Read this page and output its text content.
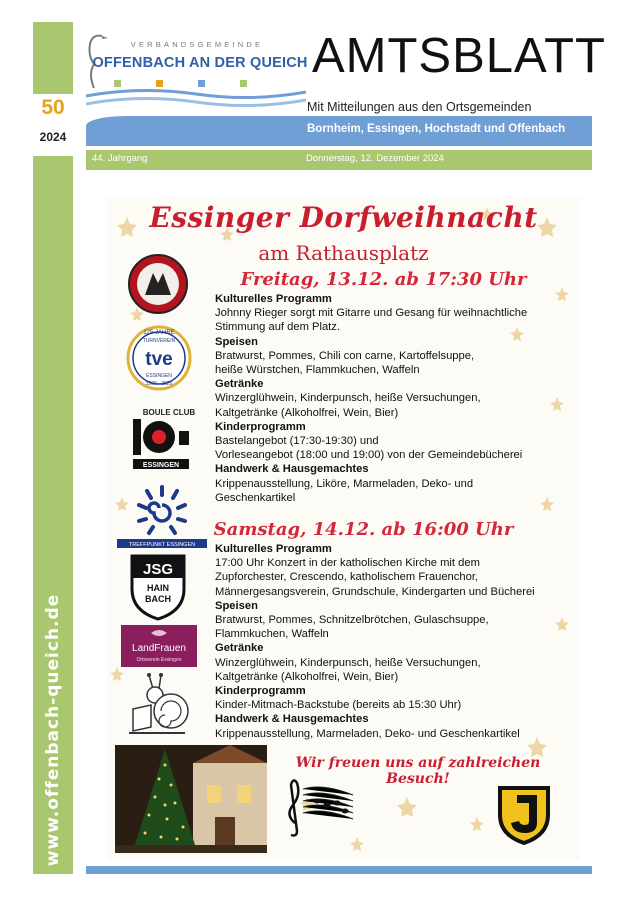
50
2024
www.offenbach-queich.de
VERBANDSGEMEINDE
OFFENBACH AN DER QUEICH AMTSBLATT
Mit Mitteilungen aus den Ortsgemeinden
Bornheim, Essingen, Hochstadt und Offenbach
44. Jahrgang	Donnerstag, 12. Dezember 2024
Essinger Dorfweihnacht
am Rathausplatz
Freitag, 13.12. ab 17:30 Uhr
Kulturelles Programm
Johnny Rieger sorgt mit Gitarre und Gesang für weihnachtliche
Stimmung auf dem Platz.
Speisen
Bratwurst, Pommes, Chili con carne, Kartoffelsuppe,
heiße Würstchen, Flammkuchen, Waffeln
Getränke
Winzerglühwein, Kinderpunsch, heiße Versuchungen,
Kaltgetränke (Alkoholfrei, Wein, Bier)
Kinderprogramm
Bastelangebot (17:30-19:30) und
Vorleseangebot (18:00 und 19:00) von der Gemeindebücherei
Handwerk & Hausgemachtes
Krippenausstellung, Liköre, Marmeladen, Deko- und
Geschenkartikel
Samstag, 14.12. ab 16:00 Uhr
Kulturelles Programm
17:00 Uhr Konzert in der katholischen Kirche mit dem
Zupforchester, Crescendo, katholischem Frauenchor,
Männergesangsverein, Grundschule, Kindergarten und Bücherei
Speisen
Bratwurst, Pommes, Schnitzelbrötchen, Gulaschsuppe,
Flammkuchen, Waffeln
Getränke
Winzerglühwein, Kinderpunsch, heiße Versuchungen,
Kaltgetränke (Alkoholfrei, Wein, Bier)
Kinderprogramm
Kinder-Mitmach-Backstube (bereits ab 15:30 Uhr)
Handwerk & Hausgemachtes
Krippenausstellung, Marmeladen, Deko- und Geschenkartikel
125 JAHRE
TURNVEREIN
tve
ESSINGEN
1900 - 2025
BOULE CLUB
ESSINGEN
TREFFPUNKT ESSINGEN
JSG
HAIN
BACH
LandFrauen
Ortsverein Essingen
Wir freuen uns auf zahlreichen Besuch!
